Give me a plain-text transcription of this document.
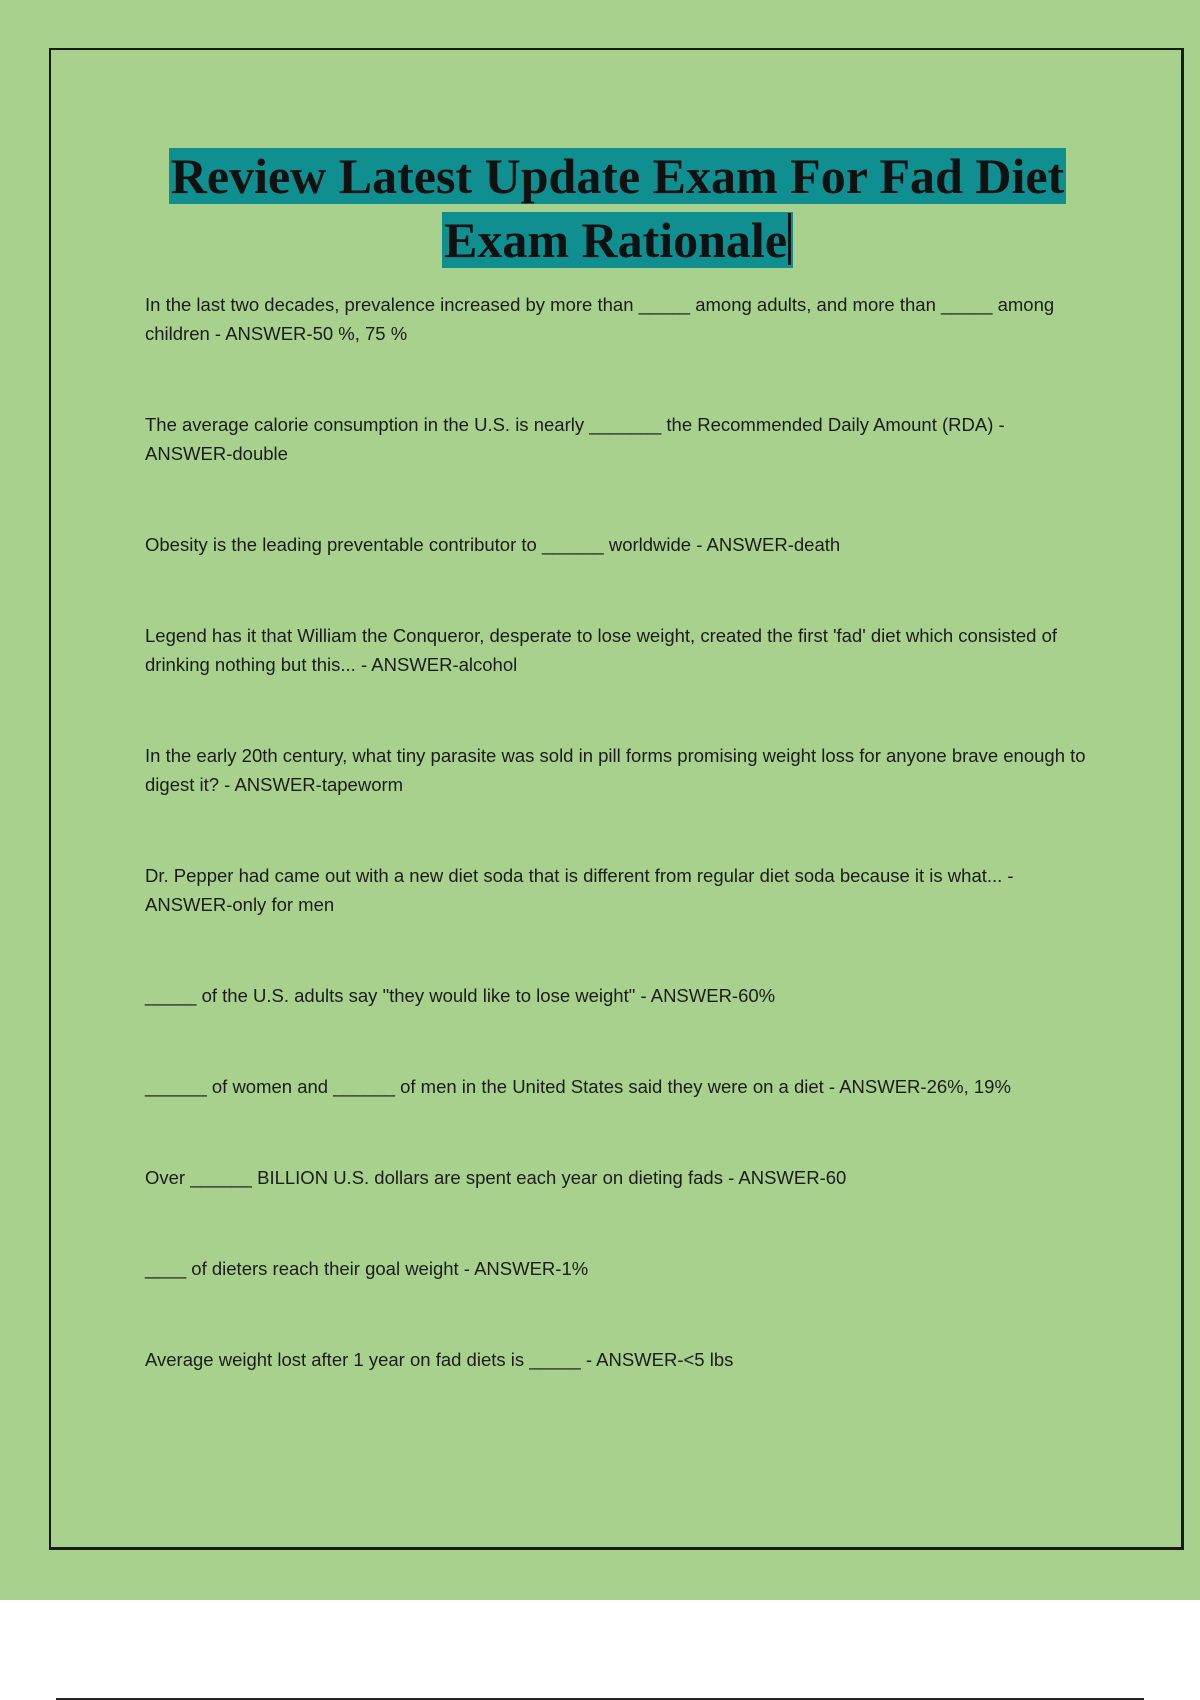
Review Latest Update Exam For Fad Diet
Exam Rationale
In the last two decades, prevalence increased by more than _____ among adults, and more than _____ among children - ANSWER-50 %, 75 %
The average calorie consumption in the U.S. is nearly _______ the Recommended Daily Amount (RDA) - ANSWER-double
Obesity is the leading preventable contributor to ______ worldwide - ANSWER-death
Legend has it that William the Conqueror, desperate to lose weight, created the first 'fad' diet which consisted of drinking nothing but this... - ANSWER-alcohol
In the early 20th century, what tiny parasite was sold in pill forms promising weight loss for anyone brave enough to digest it? - ANSWER-tapeworm
Dr. Pepper had came out with a new diet soda that is different from regular diet soda because it is what... - ANSWER-only for men
_____ of the U.S. adults say "they would like to lose weight" - ANSWER-60%
______ of women and ______ of men in the United States said they were on a diet - ANSWER-26%, 19%
Over ______ BILLION U.S. dollars are spent each year on dieting fads - ANSWER-60
____ of dieters reach their goal weight - ANSWER-1%
Average weight lost after 1 year on fad diets is _____ - ANSWER-<5 lbs
